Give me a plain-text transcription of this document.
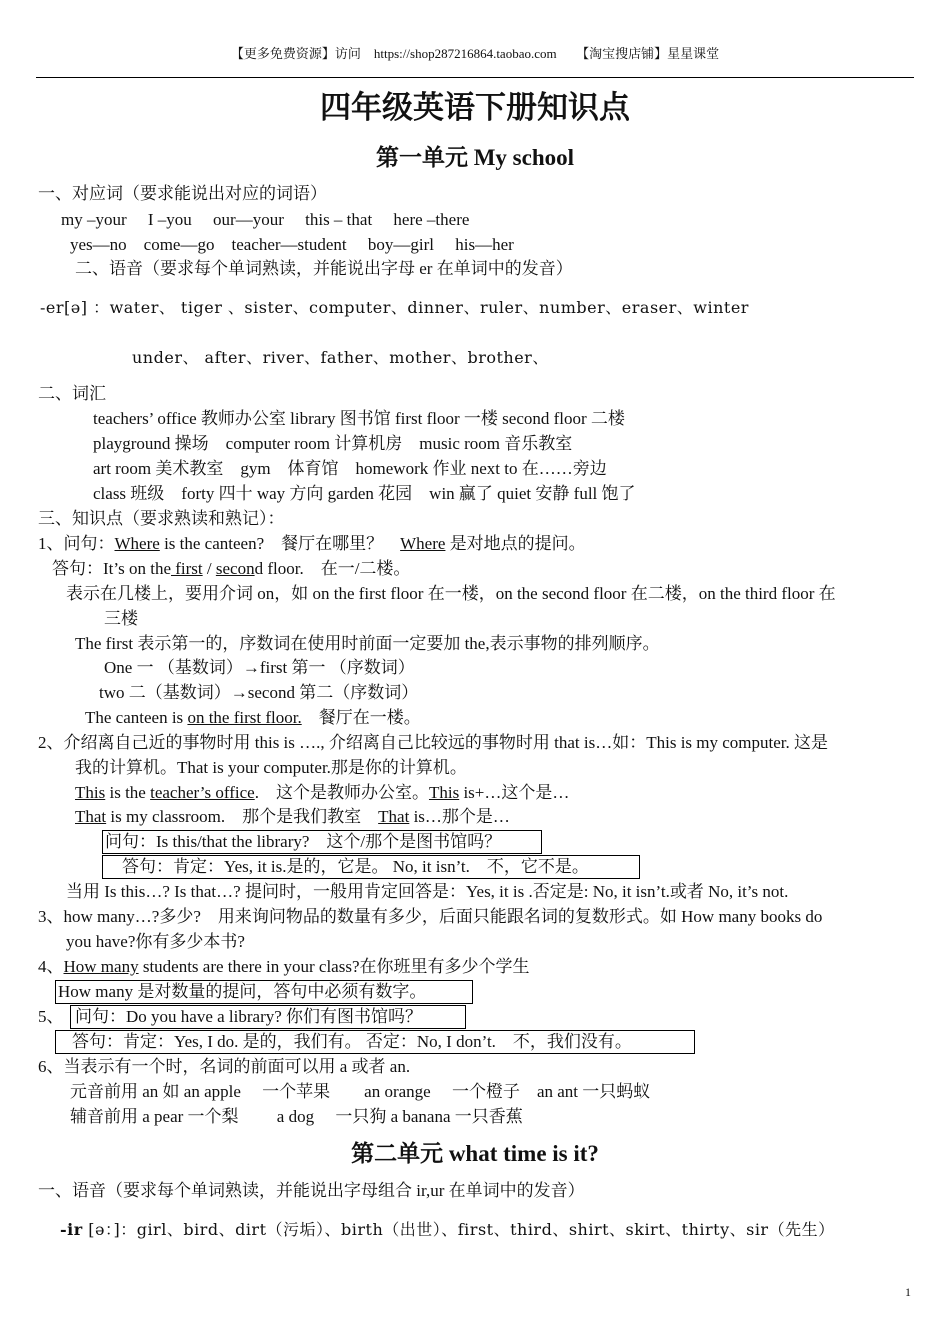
【更多免费资源】访问　https://shop287216864.taobao.com　　【淘宝搜店铺】星星课堂
四年级英语下册知识点
第一单元 My school
一、对应词（要求能说出对应的词语）
my –your　 I –you　 our—your　 this – that　 here –there
yes—no　come—go　teacher—student　 boy—girl　 his—her
二、语音（要求每个单词熟读，并能说出字母 er 在单词中的发音）
-er[ə] ：water、 tiger 、sister、computer、dinner、ruler、number、eraser、winter
under、 after、river、father、mother、brother、
二、词汇
teachers’ office 教师办公室 library 图书馆 first floor 一楼 second floor 二楼
playground 操场　computer room 计算机房　music room 音乐教室
art room 美术教室　gym　体育馆　homework 作业 next to 在……旁边
class 班级　forty 四十 way 方向 garden 花园　win 赢了 quiet 安静 full 饱了
三、知识点（要求熟读和熟记）：
1、问句：Where is the canteen?　餐厅在哪里？　Where 是对地点的提问。
答句：It’s on the first / second floor.　在一/二楼。
表示在几楼上，要用介词 on，如 on the first floor 在一楼，on the second floor 在二楼，on the third floor 在
三楼
The first 表示第一的，序数词在使用时前面一定要加 the,表示事物的排列顺序。
One 一 （基数词）→first 第一 （序数词）
two 二（基数词）→second 第二（序数词）
The canteen is on the first floor.　餐厅在一楼。
2、介绍离自己近的事物时用 this is …., 介绍离自己比较远的事物时用 that is…如：This is my computer. 这是
我的计算机。That is your computer.那是你的计算机。
This is the teacher’s office.　这个是教师办公室。This is+…这个是…
That is my classroom.　那个是我们教室　That is…那个是…
问句：Is this/that the library?　这个/那个是图书馆吗？
　答句：肯定：Yes, it is.是的，它是。 No, it isn’t.　不，它不是。
当用 Is this…? Is that…? 提问时，一般用肯定回答是：Yes, it is .否定是: No, it isn’t.或者 No, it’s not.
3、how many…?多少?　用来询问物品的数量有多少，后面只能跟名词的复数形式。如 How many books do
you have?你有多少本书?
4、How many students are there in your class?在你班里有多少个学生
How many 是对数量的提问，答句中必须有数字。
5、 问句：Do you have a library? 你们有图书馆吗？
答句：肯定：Yes, I do. 是的，我们有。 否定：No, I don’t.　不，我们没有。
6、当表示有一个时，名词的前面可以用 a 或者 an.
元音前用 an 如 an apple　 一个苹果　　an orange　 一个橙子　an ant 一只蚂蚁
辅音前用 a pear 一个梨　　 a dog　 一只狗 a banana 一只香蕉
第二单元 what time is it?
一、语音（要求每个单词熟读，并能说出字母组合 ir,ur 在单词中的发音）
-ir [ə：]：girl、bird、dirt（污垢）、birth（出世）、first、third、shirt、skirt、thirty、sir（先生）
1
